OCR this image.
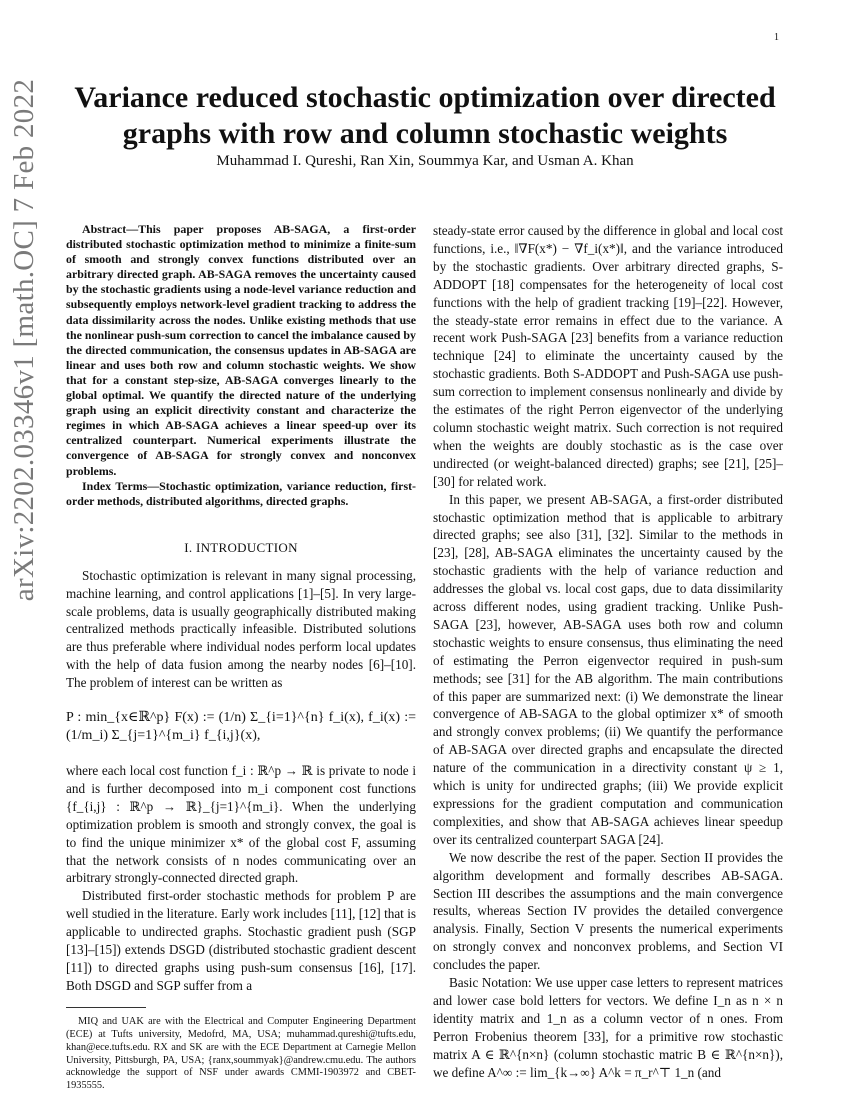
1
arXiv:2202.03346v1 [math.OC] 7 Feb 2022	Variance reduced stochastic optimization over directed graphs with row and column stochastic weights
Muhammad I. Qureshi, Ran Xin, Soummya Kar, and Usman A. Khan

Abstract—This paper proposes AB-SAGA, a first-order distributed stochastic optimization method to minimize a finite-sum of smooth and strongly convex functions distributed over an arbitrary directed graph. AB-SAGA removes the uncertainty caused by the stochastic gradients using a node-level variance reduction and subsequently employs network-level gradient tracking to address the data dissimilarity across the nodes. Unlike existing methods that use the nonlinear push-sum correction to cancel the imbalance caused by the directed communication, the consensus updates in AB-SAGA are linear and uses both row and column stochastic weights. We show that for a constant step-size, AB-SAGA converges linearly to the global optimal. We quantify the directed nature of the underlying graph using an explicit directivity constant and characterize the regimes in which AB-SAGA achieves a linear speed-up over its centralized counterpart. Numerical experiments illustrate the convergence of AB-SAGA for strongly convex and nonconvex problems.

Index Terms—Stochastic optimization, variance reduction, first-order methods, distributed algorithms, directed graphs.

I. INTRODUCTION

Stochastic optimization is relevant in many signal processing, machine learning, and control applications [1]–[5]. In very large-scale problems, data is usually geographically distributed making centralized methods practically infeasible. Distributed solutions are thus preferable where individual nodes perform local updates with the help of data fusion among the nearby nodes [6]–[10]. The problem of interest can be written as

P : min_{x∈ℝ^p} F(x) := (1/n) Σ_{i=1}^{n} f_i(x), f_i(x) := (1/m_i) Σ_{j=1}^{m_i} f_{i,j}(x),

where each local cost function f_i : ℝ^p → ℝ is private to node i and is further decomposed into m_i component cost functions {f_{i,j} : ℝ^p → ℝ}_{j=1}^{m_i}. When the underlying optimization problem is smooth and strongly convex, the goal is to find the unique minimizer x* of the global cost F, assuming that the network consists of n nodes communicating over an arbitrary strongly-connected directed graph.

Distributed first-order stochastic methods for problem P are well studied in the literature. Early work includes [11], [12] that is applicable to undirected graphs. Stochastic gradient push (SGP [13]–[15]) extends DSGD (distributed stochastic gradient descent [11]) to directed graphs using push-sum consensus [16], [17]. Both DSGD and SGP suffer from a

MIQ and UAK are with the Electrical and Computer Engineering Department (ECE) at Tufts university, Medofrd, MA, USA; muhammad.qureshi@tufts.edu, khan@ece.tufts.edu. RX and SK are with the ECE Department at Carnegie Mellon University, Pittsburgh, PA, USA; {ranx,soummyak}@andrew.cmu.edu. The authors acknowledge the support of NSF under awards CMMI-1903972 and CBET-1935555.

steady-state error caused by the difference in global and local cost functions, i.e., ‖∇F(x*) − ∇f_i(x*)‖, and the variance introduced by the stochastic gradients. Over arbitrary directed graphs, S-ADDOPT [18] compensates for the heterogeneity of local cost functions with the help of gradient tracking [19]–[22]. However, the steady-state error remains in effect due to the variance. A recent work Push-SAGA [23] benefits from a variance reduction technique [24] to eliminate the uncertainty caused by the stochastic gradients. Both S-ADDOPT and Push-SAGA use push-sum correction to implement consensus nonlinearly and divide by the estimates of the right Perron eigenvector of the underlying column stochastic weight matrix. Such correction is not required when the weights are doubly stochastic as is the case over undirected (or weight-balanced directed) graphs; see [21], [25]–[30] for related work.

In this paper, we present AB-SAGA, a first-order distributed stochastic optimization method that is applicable to arbitrary directed graphs; see also [31], [32]. Similar to the methods in [23], [28], AB-SAGA eliminates the uncertainty caused by the stochastic gradients with the help of variance reduction and addresses the global vs. local cost gaps, due to data dissimilarity across different nodes, using gradient tracking. Unlike Push-SAGA [23], however, AB-SAGA uses both row and column stochastic weights to ensure consensus, thus eliminating the need of estimating the Perron eigenvector required in push-sum methods; see [31] for the AB algorithm. The main contributions of this paper are summarized next: (i) We demonstrate the linear convergence of AB-SAGA to the global optimizer x* of smooth and strongly convex problems; (ii) We quantify the performance of AB-SAGA over directed graphs and encapsulate the directed nature of the communication in a directivity constant ψ ≥ 1, which is unity for undirected graphs; (iii) We provide explicit expressions for the gradient computation and communication complexities, and show that AB-SAGA achieves linear speedup over its centralized counterpart SAGA [24].

We now describe the rest of the paper. Section II provides the algorithm development and formally describes AB-SAGA. Section III describes the assumptions and the main convergence results, whereas Section IV provides the detailed convergence analysis. Finally, Section V presents the numerical experiments on strongly convex and nonconvex problems, and Section VI concludes the paper.

Basic Notation: We use upper case letters to represent matrices and lower case bold letters for vectors. We define I_n as n × n identity matrix and 1_n as a column vector of n ones. From Perron Frobenius theorem [33], for a primitive row stochastic matrix A ∈ ℝ^{n×n} (column stochastic matric B ∈ ℝ^{n×n}), we define A^∞ := lim_{k→∞} A^k = π_r^⊤ 1_n (and
